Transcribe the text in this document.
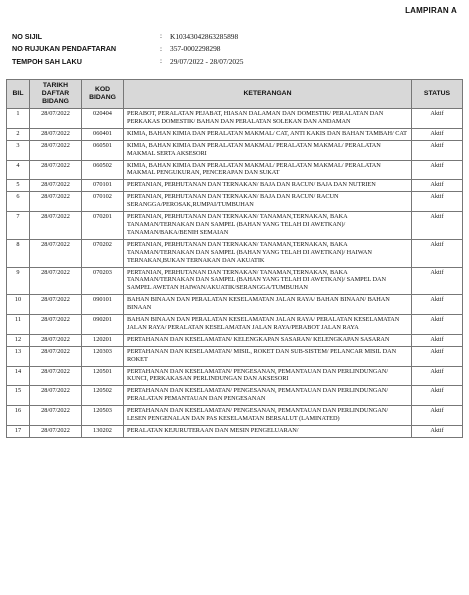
LAMPIRAN A
NO SIJIL	:	K10343042863285898
NO RUJUKAN PENDAFTARAN	:	357-0002298298
TEMPOH SAH LAKU	:	29/07/2022 - 28/07/2025
BIL	TARIKH DAFTAR BIDANG	KOD BIDANG	KETERANGAN	STATUS
1	28/07/2022	020404	PERABOT, PERALATAN PEJABAT, HIASAN DALAMAN DAN DOMESTIK/ PERALATAN DAN PERKAKAS DOMESTIK/ BAHAN DAN PERALATAN SOLEKAN DAN ANDAMAN	Aktif
2	28/07/2022	060401	KIMIA, BAHAN KIMIA DAN PERALATAN MAKMAL/ CAT, ANTI KAKIS DAN BAHAN TAMBAH/ CAT	Aktif
3	28/07/2022	060501	KIMIA, BAHAN KIMIA DAN PERALATAN MAKMAL/ PERALATAN MAKMAL/ PERALATAN MAKMAL SERTA AKSESORI	Aktif
4	28/07/2022	060502	KIMIA, BAHAN KIMIA DAN PERALATAN MAKMAL/ PERALATAN MAKMAL/ PERALATAN MAKMAL PENGUKURAN, PENCERAPAN DAN SUKAT	Aktif
5	28/07/2022	070101	PERTANIAN, PERHUTANAN DAN TERNAKAN/ BAJA DAN RACUN/ BAJA DAN NUTRIEN	Aktif
6	28/07/2022	070102	PERTANIAN, PERHUTANAN DAN TERNAKAN/ BAJA DAN RACUN/ RACUN SERANGGA/PEROSAK,RUMPAI/TUMBUHAN	Aktif
7	28/07/2022	070201	PERTANIAN, PERHUTANAN DAN TERNAKAN/ TANAMAN,TERNAKAN, BAKA TANAMAN/TERNAKAN DAN SAMPEL (BAHAN YANG TELAH DI AWETKAN)/ TANAMAN/BAKA/BENIH SEMAIAN	Aktif
8	28/07/2022	070202	PERTANIAN, PERHUTANAN DAN TERNAKAN/ TANAMAN,TERNAKAN, BAKA TANAMAN/TERNAKAN DAN SAMPEL (BAHAN YANG TELAH DI AWETKAN)/ HAIWAN TERNAKAN,BUKAN TERNAKAN DAN AKUATIK	Aktif
9	28/07/2022	070203	PERTANIAN, PERHUTANAN DAN TERNAKAN/ TANAMAN,TERNAKAN, BAKA TANAMAN/TERNAKAN DAN SAMPEL (BAHAN YANG TELAH DI AWETKAN)/ SAMPEL DAN SAMPEL AWETAN HAIWAN/AKUATIK/SERANGGA/TUMBUHAN	Aktif
10	28/07/2022	090101	BAHAN BINAAN DAN PERALATAN KESELAMATAN JALAN RAYA/ BAHAN BINAAN/ BAHAN BINAAN	Aktif
11	28/07/2022	090201	BAHAN BINAAN DAN PERALATAN KESELAMATAN JALAN RAYA/ PERALATAN KESELAMATAN JALAN RAYA/ PERALATAN KESELAMATAN JALAN RAYA/PERABOT JALAN RAYA	Aktif
12	28/07/2022	120201	PERTAHANAN DAN KESELAMATAN/ KELENGKAPAN SASARAN/ KELENGKAPAN SASARAN	Aktif
13	28/07/2022	120303	PERTAHANAN DAN KESELAMATAN/ MISIL, ROKET DAN SUB-SISTEM/ PELANCAR MISIL DAN ROKET	Aktif
14	28/07/2022	120501	PERTAHANAN DAN KESELAMATAN/ PENGESANAN, PEMANTAUAN DAN PERLINDUNGAN/ KUNCI, PERKAKASAN PERLINDUNGAN DAN AKSESORI	Aktif
15	28/07/2022	120502	PERTAHANAN DAN KESELAMATAN/ PENGESANAN, PEMANTAUAN DAN PERLINDUNGAN/ PERALATAN PEMANTAUAN DAN PENGESANAN	Aktif
16	28/07/2022	120503	PERTAHANAN DAN KESELAMATAN/ PENGESANAN, PEMANTAUAN DAN PERLINDUNGAN/ LESEN PENGENALAN DAN PAS KESELAMATAN BERSALUT (LAMINATED)	Aktif
17	28/07/2022	130202	PERALATAN KEJURUTERAAN DAN MESIN PENGELUARAN/	Aktif
